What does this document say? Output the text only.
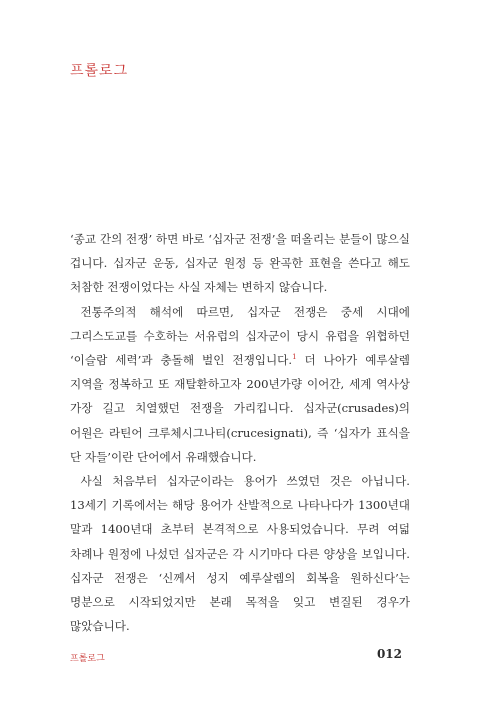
프롤로그

‘종교 간의 전쟁’ 하면 바로 ‘십자군 전쟁’을 떠올리는 분들이 많으실 겁니다. 십자군 운동, 십자군 원정 등 완곡한 표현을 쓴다고 해도 처참한 전쟁이었다는 사실 자체는 변하지 않습니다.

전통주의적 해석에 따르면, 십자군 전쟁은 중세 시대에 그리스도교를 수호하는 서유럽의 십자군이 당시 유럽을 위협하던 ‘이슬람 세력’과 충돌해 벌인 전쟁입니다.$^1$ 더 나아가 예루살렘 지역을 정복하고 또 재탈환하고자 200년가량 이어간, 세계 역사상 가장 길고 치열했던 전쟁을 가리킵니다. 십자군(crusades)의 어원은 라틴어 크루체시그나티(crucesignati), 즉 ‘십자가 표식을 단 자들’이란 단어에서 유래했습니다.

사실 처음부터 십자군이라는 용어가 쓰였던 것은 아닙니다. 13세기 기록에서는 해당 용어가 산발적으로 나타나다가 1300년대 말과 1400년대 초부터 본격적으로 사용되었습니다. 무려 여덟 차례나 원정에 나섰던 십자군은 각 시기마다 다른 양상을 보입니다. 십자군 전쟁은 ‘신께서 성지 예루살렘의 회복을 원하신다’는 명분으로 시작되었지만 본래 목적을 잊고 변질된 경우가 많았습니다.

프롤로그	012
